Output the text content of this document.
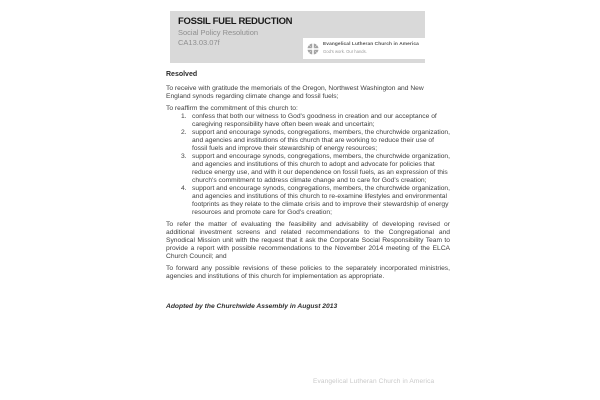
FOSSIL FUEL REDUCTION
Social Policy Resolution
CA13.03.07f	Evangelical Lutheran Church in America
God's work. Our hands.
Resolved

To receive with gratitude the memorials of the Oregon, Northwest Washington and New England synods regarding climate change and fossil fuels;

To reaffirm the commitment of this church to:

1. confess that both our witness to God's goodness in creation and our acceptance of caregiving responsibility have often been weak and uncertain;
2. support and encourage synods, congregations, members, the churchwide organization, and agencies and institutions of this church that are working to reduce their use of fossil fuels and improve their stewardship of energy resources;
3. support and encourage synods, congregations, members, the churchwide organization, and agencies and institutions of this church to adopt and advocate for policies that reduce energy use, and with it our dependence on fossil fuels, as an expression of this church's commitment to address climate change and to care for God's creation;
4. support and encourage synods, congregations, members, the churchwide organization, and agencies and institutions of this church to re-examine lifestyles and environmental footprints as they relate to the climate crisis and to improve their stewardship of energy resources and promote care for God's creation;

To refer the matter of evaluating the feasibility and advisability of developing revised or additional investment screens and related recommendations to the Congregational and Synodical Mission unit with the request that it ask the Corporate Social Responsibility Team to provide a report with possible recommendations to the November 2014 meeting of the ELCA Church Council; and

To forward any possible revisions of these policies to the separately incorporated ministries, agencies and institutions of this church for implementation as appropriate.

Adopted by the Churchwide Assembly in August 2013

Evangelical Lutheran Church in America
